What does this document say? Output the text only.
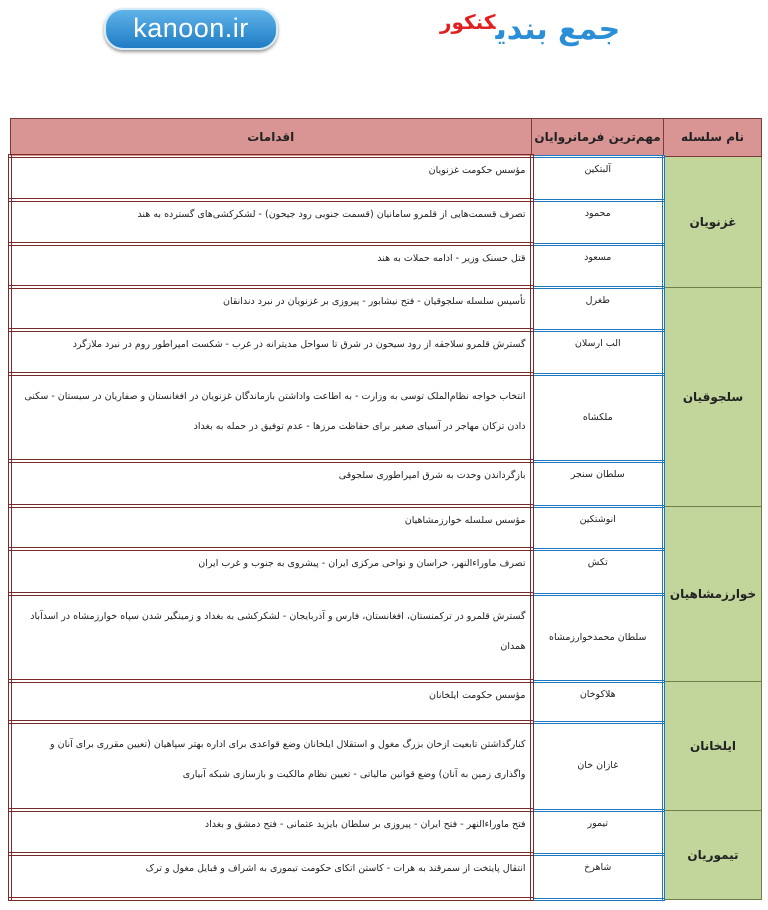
kanoon.ir	جمع بندیکنکور
نام سلسله	مهم‌ترین فرمانروایان	اقدامات
غزنویان	آلبتکین	مؤسس حکومت غزنویان
	محمود	تصرف قسمت‌هایی از قلمرو سامانیان (قسمت جنوبی رود جیحون) - لشکرکشی‌های گسترده به هند
	مسعود	قتل حسنک وزیر - ادامه حملات به هند
سلجوقیان	طغرل	تأسیس سلسله سلجوقیان - فتح نیشابور - پیروزی بر غزنویان در نبرد دندانقان
	الب ارسلان	گسترش قلمرو سلاجقه از رود سیحون در شرق تا سواحل مدیترانه در غرب - شکست امپراطور روم در نبرد ملازگرد
	ملکشاه	انتخاب خواجه نظام‌الملک توسی به وزارت - به اطاعت واداشتن بازماندگان غزنویان در افغانستان و صفاریان در سیستان - سکنی دادن ترکان مهاجر در آسیای صغیر برای حفاظت مرزها - عدم توفیق در حمله به بغداد
	سلطان سنجر	بازگرداندن وحدت به شرق امپراطوری سلجوقی
خوارزمشاهیان	انوشتکین	مؤسس سلسله خوارزمشاهیان
	تکش	تصرف ماوراءالنهر، خراسان و نواحی مرکزی ایران - پیشروی به جنوب و غرب ایران
	سلطان محمدخوارزمشاه	گسترش قلمرو در ترکمنستان، افغانستان، فارس و آذربایجان - لشکرکشی به بغداد و زمینگیر شدن سپاه خوارزمشاه در اسدآباد همدان
ایلخانان	هلاکوخان	مؤسس حکومت ایلخانان
	غازان خان	کنارگذاشتن تابعیت ازخان بزرگ مغول و استقلال ایلخانان وضع قواعدی برای اداره بهتر سپاهیان (تعیین مقرری برای آنان و واگذاری زمین به آنان) وضع قوانین مالیاتی - تعیین نظام مالکیت و بازسازی شبکه آبیاری
تیموریان	تیمور	فتح ماوراءالنهر - فتح ایران - پیروزی بر سلطان بایزید عثمانی - فتح دمشق و بغداد
	شاهرخ	انتقال پایتخت از سمرقند به هرات - کاستن اتکای حکومت تیموری به اشراف و قبایل مغول و ترک
